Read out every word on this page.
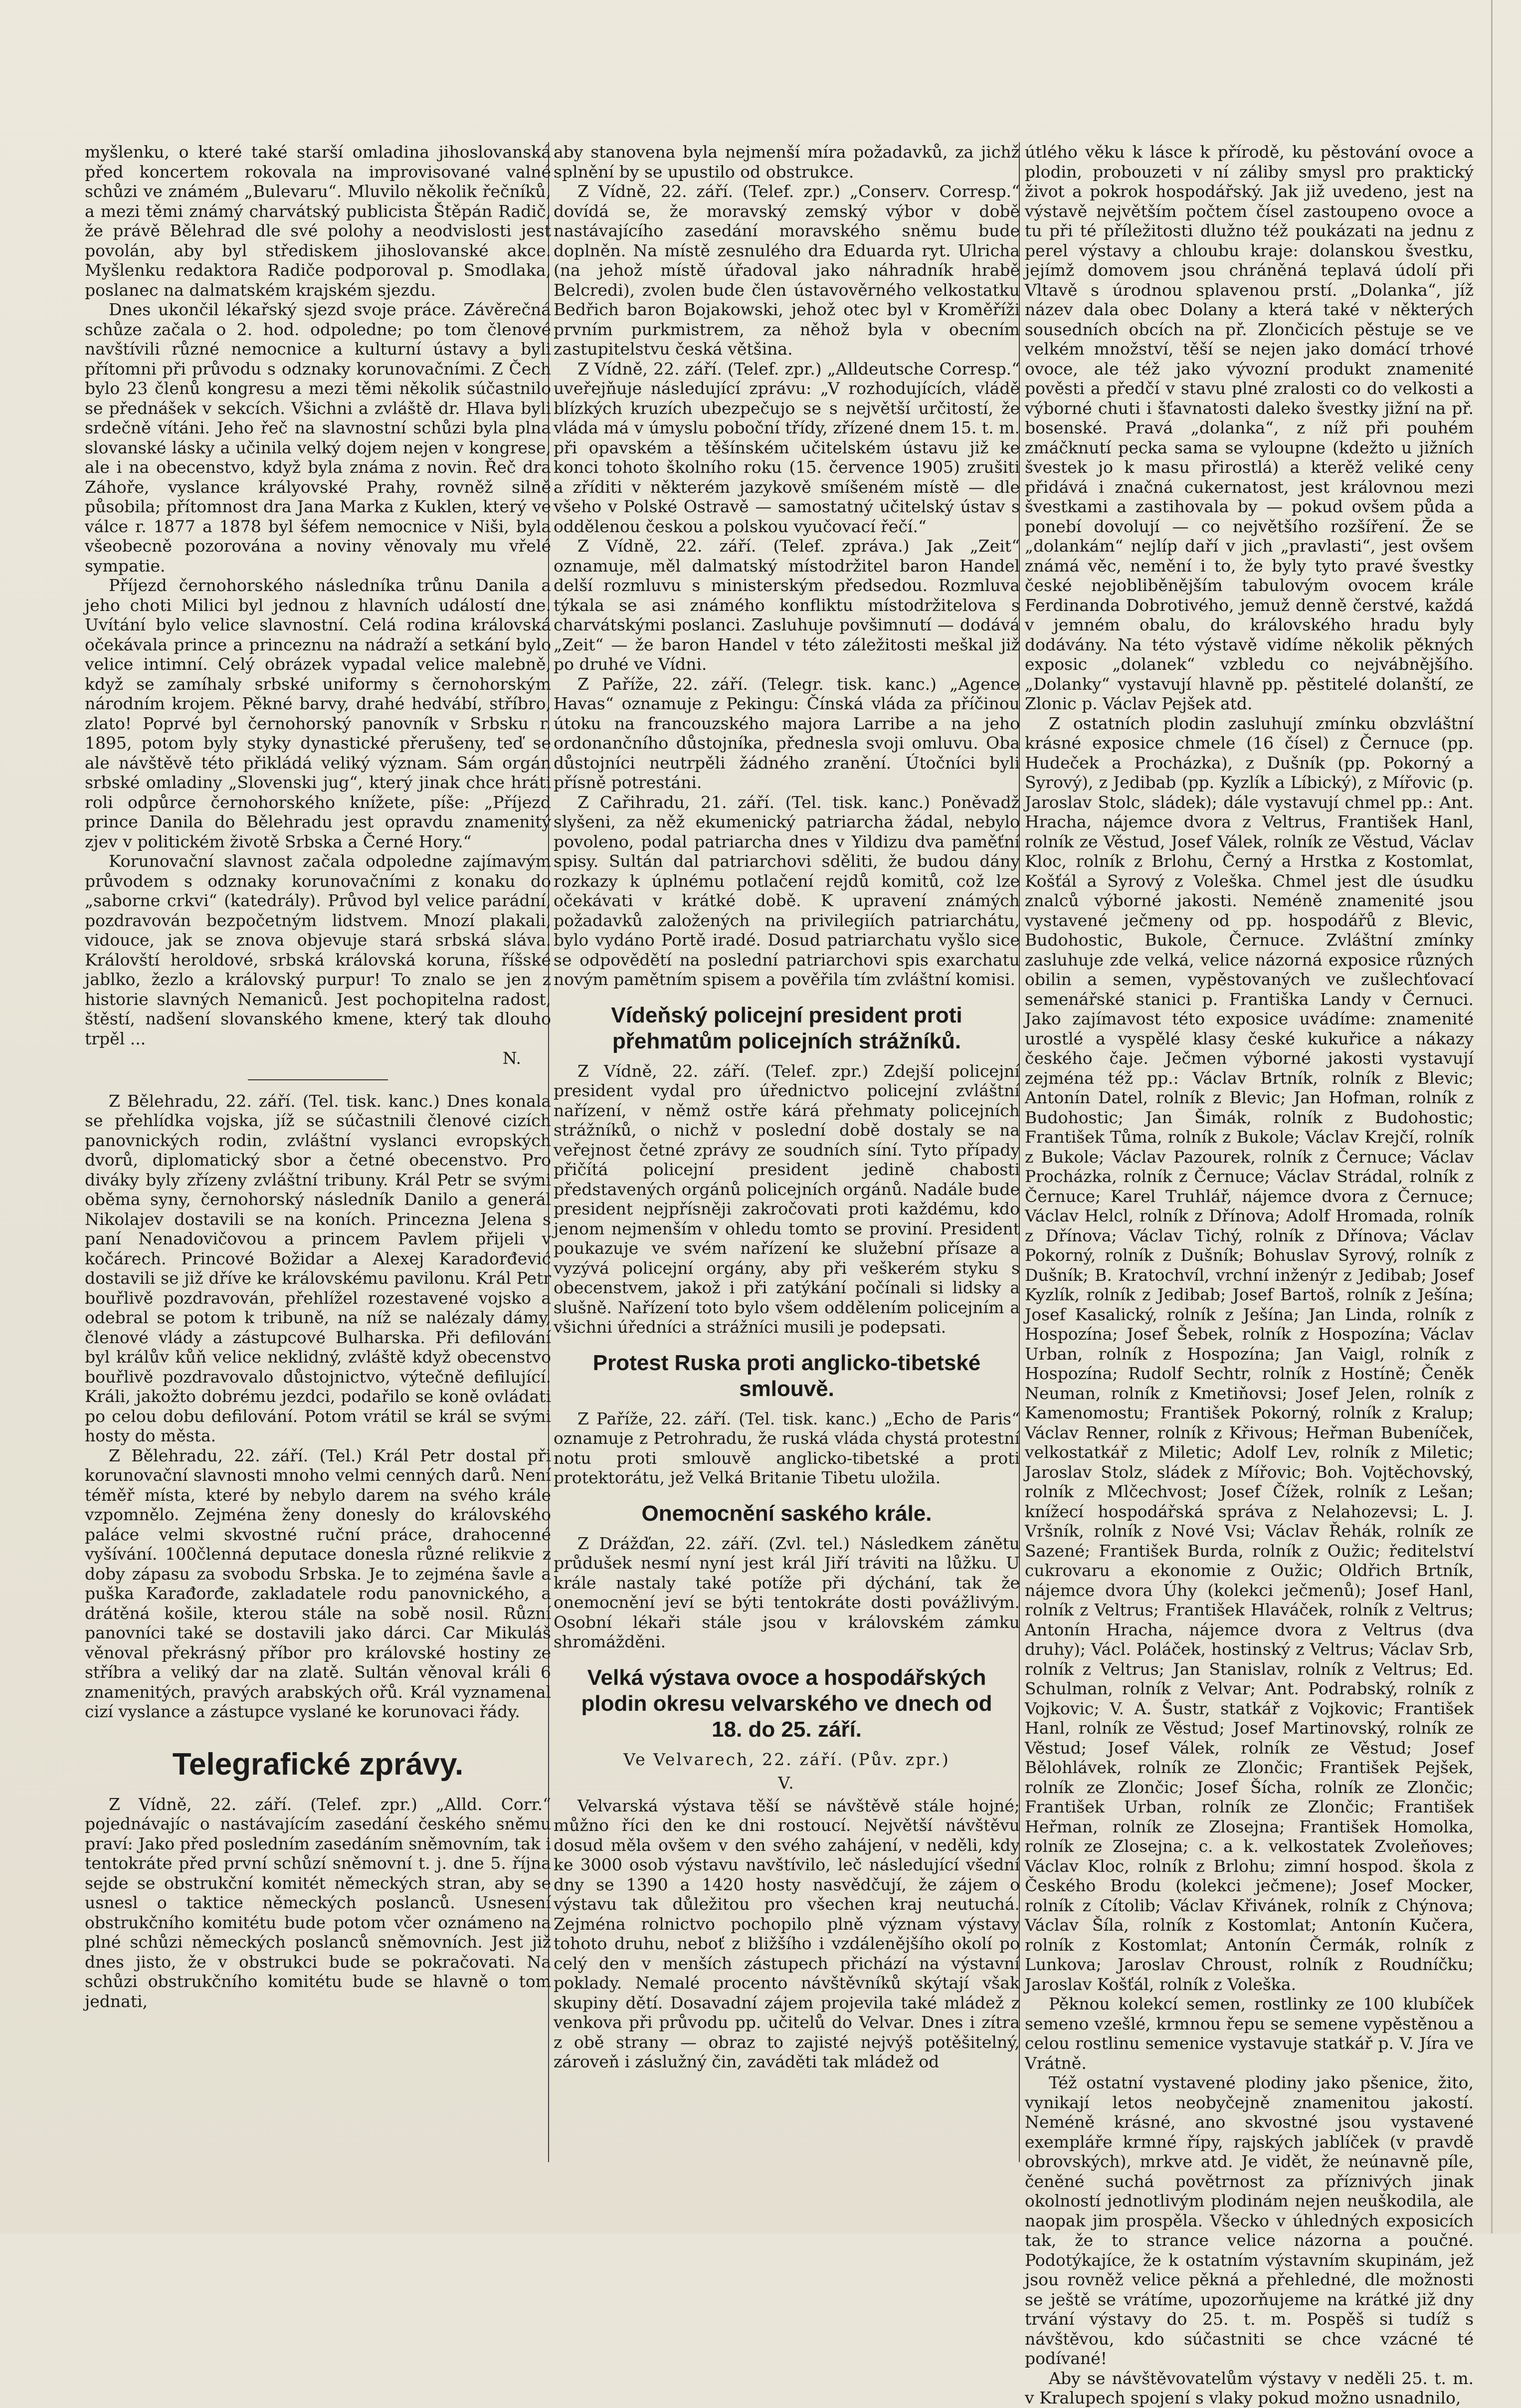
myšlenku, o které také starší omladina jihoslovanská před koncertem rokovala na improvisované valné schůzi ve známém „Bulevaru“. Mluvilo několik řečníků, a mezi těmi známý charvátský publicista Štěpán Radič, že právě Bělehrad dle své polohy a neodvislosti jest povolán, aby byl střediskem jihoslovanské akce. Myšlenku redaktora Radiče podporoval p. Smodlaka, poslanec na dalmatském krajském sjezdu.

Dnes ukončil lékařský sjezd svoje práce. Závěrečná schůze začala o 2. hod. odpoledne; po tom členové navštívili různé nemocnice a kulturní ústavy a byli přítomni při průvodu s odznaky korunovačními. Z Čech bylo 23 členů kongresu a mezi těmi několik súčastnilo se přednášek v sekcích. Všichni a zvláště dr. Hlava byli srdečně vítáni. Jeho řeč na slavnostní schůzi byla plna slovanské lásky a učinila velký dojem nejen v kongrese, ale i na obecenstvo, když byla známa z novin. Řeč dra Záhoře, vyslance krályovské Prahy, rovněž silně působila; přítomnost dra Jana Marka z Kuklen, který ve válce r. 1877 a 1878 byl šéfem nemocnice v Niši, byla všeobecně pozorována a noviny věnovaly mu vřelé sympatie.

Příjezd černohorského následníka trůnu Danila a jeho choti Milici byl jednou z hlavních událostí dne. Uvítání bylo velice slavnostní. Celá rodina královská očekávala prince a princeznu na nádraží a setkání bylo velice intimní. Celý obrázek vypadal velice malebně, když se zamíhaly srbské uniformy s černohorským národním krojem. Pěkné barvy, drahé hedvábí, stříbro, zlato! Poprvé byl černohorský panovník v Srbsku r. 1895, potom byly styky dynastické přerušeny, teď se ale návštěvě této přikládá veliký význam. Sám orgán srbské omladiny „Slovenski jug“, který jinak chce hráti roli odpůrce černohorského knížete, píše: „Příjezd prince Danila do Bělehradu jest opravdu znamenitý zjev v politickém životě Srbska a Černé Hory.“

Korunovační slavnost začala odpoledne zajímavým průvodem s odznaky korunovačními z konaku do „saborne crkvi“ (katedrály). Průvod byl velice parádní, pozdravován bezpočetným lidstvem. Mnozí plakali, vidouce, jak se znova objevuje stará srbská sláva. Královští heroldové, srbská královská koruna, říšské jablko, žezlo a královský purpur! To znalo se jen z historie slavných Nemaniců. Jest pochopitelna radost, štěstí, nadšení slovanského kmene, který tak dlouho trpěl ...

N.

Z Bělehradu, 22. září. (Tel. tisk. kanc.) Dnes konala se přehlídka vojska, jíž se súčastnili členové cizích panovnických rodin, zvláštní vyslanci evropských dvorů, diplomatický sbor a četné obecenstvo. Pro diváky byly zřízeny zvláštní tribuny. Král Petr se svými oběma syny, černohorský následník Danilo a generál Nikolajev dostavili se na koních. Princezna Jelena s paní Nenadovičovou a princem Pavlem přijeli v kočárech. Princové Božidar a Alexej Karadorđević dostavili se již dříve ke královskému pavilonu. Král Petr bouřlivě pozdravován, přehlížel rozestavené vojsko a odebral se potom k tribuně, na níž se nalézaly dámy, členové vlády a zástupcové Bulharska. Při defilování byl králův kůň velice neklidný, zvláště když obecenstvo bouřlivě pozdravovalo důstojnictvo, výtečně defilující. Králi, jakožto dobrému jezdci, podařilo se koně ovládati po celou dobu defilování. Potom vrátil se král se svými hosty do města.

Z Bělehradu, 22. září. (Tel.) Král Petr dostal při korunovační slavnosti mnoho velmi cenných darů. Není téměř místa, které by nebylo darem na svého krále vzpomnělo. Zejména ženy donesly do královského paláce velmi skvostné ruční práce, drahocenné vyšívání. 100členná deputace donesla různé relikvie z doby zápasu za svobodu Srbska. Je to zejména šavle a puška Karađorđe, zakladatele rodu panovnického, a drátěná košile, kterou stále na sobě nosil. Různí panovníci také se dostavili jako dárci. Car Mikuláš věnoval překrásný příbor pro královské hostiny ze stříbra a veliký dar na zlatě. Sultán věnoval králi 6 znamenitých, pravých arabských ořů. Král vyznamenal cizí vyslance a zástupce vyslané ke korunovaci řády.

Telegrafické zprávy.

Z Vídně, 22. září. (Telef. zpr.) „Alld. Corr.“ pojednávajíc o nastávajícím zasedání českého sněmu praví: Jako před posledním zasedáním sněmovním, tak i tentokráte před první schůzí sněmovní t. j. dne 5. října sejde se obstrukční komitét německých stran, aby se usnesl o taktice německých poslanců. Usnesení obstrukčního komitétu bude potom včer oznámeno na plné schůzi německých poslanců sněmovních. Jest již dnes jisto, že v obstrukci bude se pokračovati. Na schůzi obstrukčního komitétu bude se hlavně o tom jednati,

aby stanovena byla nejmenší míra požadavků, za jichž splnění by se upustilo od obstrukce.

Z Vídně, 22. září. (Telef. zpr.) „Conserv. Corresp.“ dovídá se, že moravský zemský výbor v době nastávajícího zasedání moravského sněmu bude doplněn. Na místě zesnulého dra Eduarda ryt. Ulricha (na jehož místě úřadoval jako náhradník hrabě Belcredi), zvolen bude člen ústavověrného velkostatku Bedřich baron Bojakowski, jehož otec byl v Kroměříži prvním purkmistrem, za něhož byla v obecním zastupitelstvu česká většina.

Z Vídně, 22. září. (Telef. zpr.) „Alldeutsche Corresp.“ uveřejňuje následující zprávu: „V rozhodujících, vládě blízkých kruzích ubezpečujo se s největší určitostí, že vláda má v úmyslu poboční třídy, zřízené dnem 15. t. m. při opavském a těšínském učitelském ústavu již ke konci tohoto školního roku (15. července 1905) zrušiti a zříditi v některém jazykově smíšeném místě — dle všeho v Polské Ostravě — samostatný učitelský ústav s oddělenou českou a polskou vyučovací řečí.“

Z Vídně, 22. září. (Telef. zpráva.) Jak „Zeit“ oznamuje, měl dalmatský místodržitel baron Handel delší rozmluvu s ministerským předsedou. Rozmluva týkala se asi známého konfliktu místodržitelova s charvátskými poslanci. Zasluhuje povšimnutí — dodává „Zeit“ — že baron Handel v této záležitosti meškal již po druhé ve Vídni.

Z Paříže, 22. září. (Telegr. tisk. kanc.) „Agence Havas“ oznamuje z Pekingu: Čínská vláda za příčinou útoku na francouzského majora Larribe a na jeho ordonančního důstojníka, přednesla svoji omluvu. Oba důstojníci neutrpěli žádného zranění. Útočníci byli přísně potrestáni.

Z Cařihradu, 21. září. (Tel. tisk. kanc.) Poněvadž slyšeni, za něž ekumenický patriarcha žádal, nebylo povoleno, podal patriarcha dnes v Yildizu dva paměťní spisy. Sultán dal patriarchovi sděliti, že budou dány rozkazy k úplnému potlačení rejdů komitů, což lze očekávati v krátké době. K upravení známých požadavků založených na privilegiích patriarchátu, bylo vydáno Portě iradé. Dosud patriarchatu vyšlo sice se odpovědětí na poslední patriarchovi spis exarchatu novým pamětním spisem a pověřila tím zvláštní komisi.

Vídeňský policejní president proti
přehmatům policejních strážníků.

Z Vídně, 22. září. (Telef. zpr.) Zdejší policejní president vydal pro úřednictvo policejní zvláštní nařízení, v němž ostře kárá přehmaty policejních strážníků, o nichž v poslední době dostaly se na veřejnost četné zprávy ze soudních síní. Tyto případy přičítá policejní president jedině chabosti představených orgánů policejních orgánů. Nadále bude president nejpřísněji zakročovati proti každému, kdo jenom nejmenším v ohledu tomto se proviní. President poukazuje ve svém nařízení ke služební přísaze a vyzývá policejní orgány, aby při veškerém styku s obecenstvem, jakož i při zatýkání počínali si lidsky a slušně. Nařízení toto bylo všem oddělením policejním a všichni úředníci a strážníci musili je podepsati.

Protest Ruska proti anglicko-tibetské
smlouvě.

Z Paříže, 22. září. (Tel. tisk. kanc.) „Echo de Paris“ oznamuje z Petrohradu, že ruská vláda chystá protestní notu proti smlouvě anglicko-tibetské a proti protektorátu, jež Velká Britanie Tibetu uložila.

Onemocnění saského krále.

Z Drážďan, 22. září. (Zvl. tel.) Následkem zánětu průdušek nesmí nyní jest král Jiří tráviti na lůžku. U krále nastaly také potíže při dýchání, tak že onemocnění jeví se býti tentokráte dosti povážlivým. Osobní lékaři stále jsou v královském zámku shromážděni.

Velká výstava ovoce a hospodářských
plodin okresu velvarského ve dnech od
18. do 25. září.
Ve Velvarech, 22. září. (Pův. zpr.)
V.

Velvarská výstava těší se návštěvě stále hojné; můžno říci den ke dni rostoucí. Největší návštěvu dosud měla ovšem v den svého zahájení, v neděli, kdy ke 3000 osob výstavu navštívilo, leč následující všední dny se 1390 a 1420 hosty nasvědčují, že zájem o výstavu tak důležitou pro všechen kraj neutuchá. Zejména rolnictvo pochopilo plně význam výstavy tohoto druhu, neboť z bližšího i vzdálenějšího okolí po celý den v menších zástupech přichází na výstavní poklady. Nemalé procento návštěvníků skýtají však skupiny dětí. Dosavadní zájem projevila také mládež z venkova při průvodu pp. učitelů do Velvar. Dnes i zítra z obě strany — obraz to zajisté nejvýš potěšitelný, zároveň i záslužný čin, zaváděti tak mládež od

útlého věku k lásce k přírodě, ku pěstování ovoce a plodin, probouzeti v ní záliby smysl pro praktický život a pokrok hospodářský. Jak již uvedeno, jest na výstavě největším počtem čísel zastoupeno ovoce a tu při té příležitosti dlužno též poukázati na jednu z perel výstavy a chloubu kraje: dolanskou švestku, jejímž domovem jsou chráněná teplavá údolí při Vltavě s úrodnou splavenou prstí. „Dolanka“, jíž název dala obec Dolany a která také v některých sousedních obcích na př. Zlončicích pěstuje se ve velkém množství, těší se nejen jako domácí trhové ovoce, ale též jako vývozní produkt znamenité pověsti a předčí v stavu plné zralosti co do velkosti a výborné chuti i šťavnatosti daleko švestky jižní na př. bosenské. Pravá „dolanka“, z níž při pouhém zmáčknutí pecka sama se vyloupne (kdežto u jižních švestek jo k masu přirostlá) a kterěž veliké ceny přidává i značná cukernatost, jest královnou mezi švestkami a zastihovala by — pokud ovšem půda a ponebí dovolují — co největšího rozšíření. Že se „dolankám“ nejlíp daří v jich „pravlasti“, jest ovšem známá věc, nemění i to, že byly tyto pravé švestky české nejobliběnějším tabulovým ovocem krále Ferdinanda Dobrotivého, jemuž denně čerstvé, každá v jemném obalu, do královského hradu byly dodávány. Na této výstavě vidíme několik pěkných exposic „dolanek“ vzbledu co nejvábnějšího. „Dolanky“ vystavují hlavně pp. pěstitelé dolanští, ze Zlonic p. Václav Pejšek atd.

Z ostatních plodin zasluhují zmínku obzvláštní krásné exposice chmele (16 čísel) z Černuce (pp. Hudeček a Procházka), z Dušník (pp. Pokorný a Syrový), z Jedibab (pp. Kyzlík a Líbický), z Mířovic (p. Jaroslav Stolc, sládek); dále vystavují chmel pp.: Ant. Hracha, nájemce dvora z Veltrus, František Hanl, rolník ze Věstud, Josef Válek, rolník ze Věstud, Václav Kloc, rolník z Brlohu, Černý a Hrstka z Kostomlat, Košťál a Syrový z Voleška. Chmel jest dle úsudku znalců výborné jakosti. Neméně znamenité jsou vystavené ječmeny od pp. hospodářů z Blevic, Budohostic, Bukole, Černuce. Zvláštní zmínky zasluhuje zde velká, velice názorná exposice různých obilin a semen, vypěstovaných ve zušlechťovací semenářské stanici p. Františka Landy v Černuci. Jako zajímavost této exposice uvádíme: znamenité urostlé a vyspělé klasy české kukuřice a nákazy českého čaje. Ječmen výborné jakosti vystavují zejména též pp.: Václav Brtník, rolník z Blevic; Antonín Datel, rolník z Blevic; Jan Hofman, rolník z Budohostic; Jan Šimák, rolník z Budohostic; František Tůma, rolník z Bukole; Václav Krejčí, rolník z Bukole; Václav Pazourek, rolník z Černuce; Václav Procházka, rolník z Černuce; Václav Strádal, rolník z Černuce; Karel Truhlář, nájemce dvora z Černuce; Václav Helcl, rolník z Dřínova; Adolf Hromada, rolník z Dřínova; Václav Tichý, rolník z Dřínova; Václav Pokorný, rolník z Dušník; Bohuslav Syrový, rolník z Dušník; B. Kratochvíl, vrchní inženýr z Jedibab; Josef Kyzlík, rolník z Jedibab; Josef Bartoš, rolník z Ješína; Josef Kasalický, rolník z Ješína; Jan Linda, rolník z Hospozína; Josef Šebek, rolník z Hospozína; Václav Urban, rolník z Hospozína; Jan Vaigl, rolník z Hospozína; Rudolf Sechtr, rolník z Hostíně; Čeněk Neuman, rolník z Kmetiňovsi; Josef Jelen, rolník z Kamenomostu; František Pokorný, rolník z Kralup; Václav Renner, rolník z Křivous; Heřman Bubeníček, velkostatkář z Miletic; Adolf Lev, rolník z Miletic; Jaroslav Stolz, sládek z Mířovic; Boh. Vojtěchovský, rolník z Mlčechvost; Josef Čížek, rolník z Lešan; knížecí hospodářská správa z Nelahozevsi; L. J. Vršník, rolník z Nové Vsi; Václav Řehák, rolník ze Sazené; František Burda, rolník z Oužic; ředitelství cukrovaru a ekonomie z Oužic; Oldřich Brtník, nájemce dvora Úhy (kolekci ječmenů); Josef Hanl, rolník z Veltrus; František Hlaváček, rolník z Veltrus; Antonín Hracha, nájemce dvora z Veltrus (dva druhy); Václ. Poláček, hostinský z Veltrus; Václav Srb, rolník z Veltrus; Jan Stanislav, rolník z Veltrus; Ed. Schulman, rolník z Velvar; Ant. Podrabský, rolník z Vojkovic; V. A. Šustr, statkář z Vojkovic; František Hanl, rolník ze Věstud; Josef Martinovský, rolník ze Věstud; Josef Válek, rolník ze Věstud; Josef Bělohlávek, rolník ze Zlončic; František Pejšek, rolník ze Zlončic; Josef Šícha, rolník ze Zlončic; František Urban, rolník ze Zlončic; František Heřman, rolník ze Zlosejna; František Homolka, rolník ze Zlosejna; c. a k. velkostatek Zvoleňoves; Václav Kloc, rolník z Brlohu; zimní hospod. škola z Českého Brodu (kolekci ječmene); Josef Mocker, rolník z Cítolib; Václav Křivánek, rolník z Chýnova; Václav Šíla, rolník z Kostomlat; Antonín Kučera, rolník z Kostomlat; Antonín Čermák, rolník z Lunkova; Jaroslav Chroust, rolník z Roudníčku; Jaroslav Košťál, rolník z Voleška.

Pěknou kolekcí semen, rostlinky ze 100 klubíček semeno vzešlé, krmnou řepu se semene vypěstěnou a celou rostlinu semenice vystavuje statkář p. V. Jíra ve Vrátně.

Též ostatní vystavené plodiny jako pšenice, žito, vynikají letos neobyčejně znamenitou jakostí. Neméně krásné, ano skvostné jsou vystavené exempláře krmné řípy, rajských jablíček (v pravdě obrovských), mrkve atd. Je vidět, že neúnavně píle, čeněné suchá povětrnost za příznivých jinak okolností jednotlivým plodinám nejen neuškodila, ale naopak jim prospěla. Všecko v úhledných exposicích tak, že to strance velice názorna a poučné. Podotýkajíce, že k ostatním výstavním skupinám, jež jsou rovněž velice pěkná a přehledné, dle možnosti se ještě se vrátíme, upozorňujeme na krátké již dny trvání výstavy do 25. t. m. Pospěš si tudíž s návštěvou, kdo súčastniti se chce vzácné té podívané!

Aby se návštěvovatelům výstavy v neděli 25. t. m. v Kralupech spojení s vlaky pokud možno usnadnilo,
